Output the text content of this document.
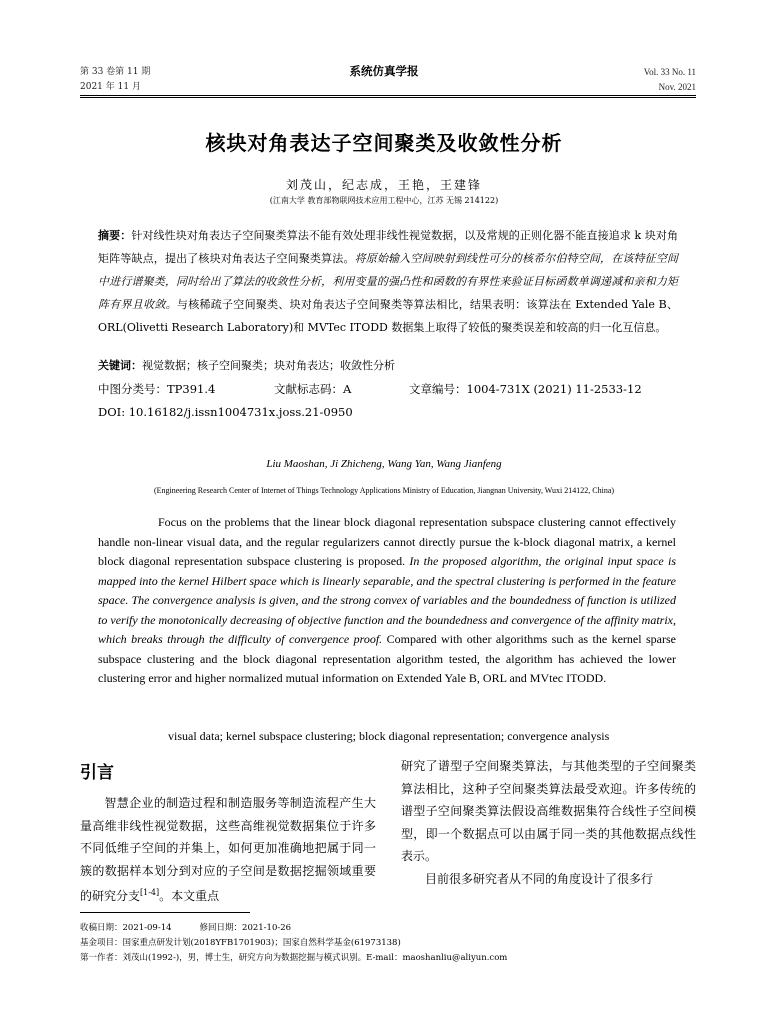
第 33 卷第 11 期
2021 年 11 月
系统仿真学报	Vol. 33 No. 11
Nov. 2021
核块对角表达子空间聚类及收敛性分析
刘茂山，纪志成，王艳，王建锋
(江南大学 教育部物联网技术应用工程中心，江苏 无锡 214122)
摘要：针对线性块对角表达子空间聚类算法不能有效处理非线性视觉数据，以及常规的正则化器不能直接追求 k 块对角矩阵等缺点，提出了核块对角表达子空间聚类算法。将原始输入空间映射到线性可分的核希尔伯特空间，在该特征空间中进行谱聚类，同时给出了算法的收敛性分析，利用变量的强凸性和函数的有界性来验证目标函数单调递减和亲和力矩阵有界且收敛。与核稀疏子空间聚类、块对角表达子空间聚类等算法相比，结果表明：该算法在 Extended Yale B、ORL(Olivetti Research Laboratory)和 MVTec ITODD 数据集上取得了较低的聚类误差和较高的归一化互信息。
关键词：视觉数据；核子空间聚类；块对角表达；收敛性分析
中图分类号：TP391.4	文献标志码：A	文章编号：1004-731X (2021) 11-2533-12
DOI: 10.16182/j.issn1004731x.joss.21-0950
Liu Maoshan, Ji Zhicheng, Wang Yan, Wang Jianfeng
(Engineering Research Center of Internet of Things Technology Applications Ministry of Education, Jiangnan University, Wuxi 214122, China)
Focus on the problems that the linear block diagonal representation subspace clustering cannot effectively handle non-linear visual data, and the regular regularizers cannot directly pursue the k-block diagonal matrix, a kernel block diagonal representation subspace clustering is proposed. In the proposed algorithm, the original input space is mapped into the kernel Hilbert space which is linearly separable, and the spectral clustering is performed in the feature space. The convergence analysis is given, and the strong convex of variables and the boundedness of function is utilized to verify the monotonically decreasing of objective function and the boundedness and convergence of the affinity matrix, which breaks through the difficulty of convergence proof. Compared with other algorithms such as the kernel sparse subspace clustering and the block diagonal representation algorithm tested, the algorithm has achieved the lower clustering error and higher normalized mutual information on Extended Yale B, ORL and MVtec ITODD.
visual data; kernel subspace clustering; block diagonal representation; convergence analysis
引言
智慧企业的制造过程和制造服务等制造流程产生大量高维非线性视觉数据，这些高维视觉数据集位于许多不同低维子空间的并集上，如何更加准确地把属于同一簇的数据样本划分到对应的子空间是数据挖掘领域重要的研究分支[1-4]。本文重点
研究了谱型子空间聚类算法，与其他类型的子空间聚类算法相比，这种子空间聚类算法最受欢迎。许多传统的谱型子空间聚类算法假设高维数据集符合线性子空间模型，即一个数据点可以由属于同一类的其他数据点线性表示。
目前很多研究者从不同的角度设计了很多行
收稿日期：2021-09-14	修回日期：2021-10-26
基金项目：国家重点研发计划(2018YFB1701903)；国家自然科学基金(61973138)
第一作者：刘茂山(1992-)，男，博士生，研究方向为数据挖掘与模式识别。E-mail：maoshanliu@aliyun.com
